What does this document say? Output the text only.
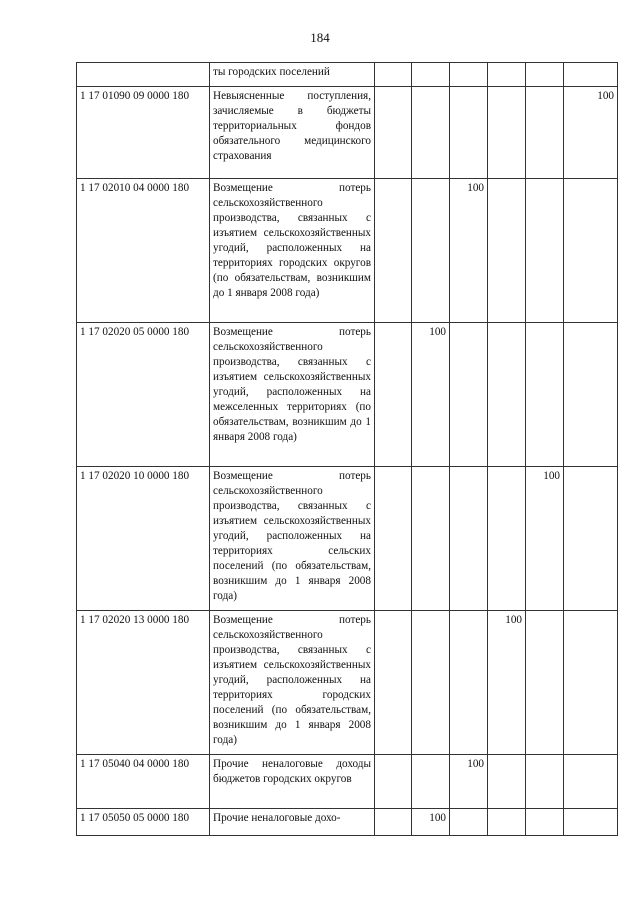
184
	ты городских поселений						
1 17 01090 09 0000 180	Невыясненные поступления, зачисляемые в бюджеты территориальных фондов обязательного медицинского страхования						100
1 17 02010 04 0000 180	Возмещение потерь сельскохозяйственного производства, связанных с изъятием сельскохозяйственных угодий, расположенных на территориях городских округов (по обязательствам, возникшим до 1 января 2008 года)			100			
1 17 02020 05 0000 180	Возмещение потерь сельскохозяйственного производства, связанных с изъятием сельскохозяйственных угодий, расположенных на межселенных территориях (по обязательствам, возникшим до 1 января 2008 года)		100				
1 17 02020 10 0000 180	Возмещение потерь сельскохозяйственного производства, связанных с изъятием сельскохозяйственных угодий, расположенных на территориях сельских поселений (по обязательствам, возникшим до 1 января 2008 года)					100	
1 17 02020 13 0000 180	Возмещение потерь сельскохозяйственного производства, связанных с изъятием сельскохозяйственных угодий, расположенных на территориях городских поселений (по обязательствам, возникшим до 1 января 2008 года)				100		
1 17 05040 04 0000 180	Прочие неналоговые доходы бюджетов городских округов			100			
1 17 05050 05 0000 180	Прочие неналоговые дохо-		100				
